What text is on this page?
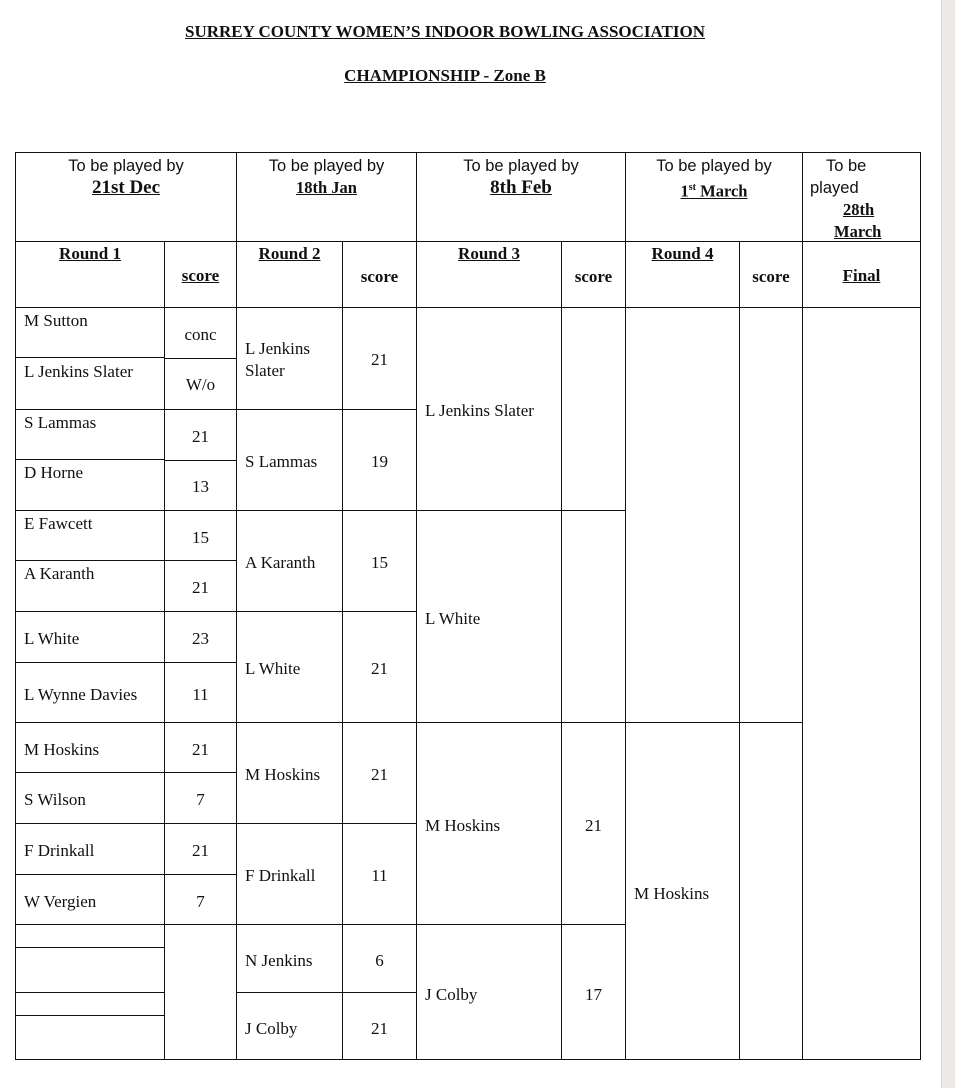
SURREY COUNTY WOMEN’S INDOOR BOWLING ASSOCIATION
CHAMPIONSHIP - Zone B
To be played by
21st Dec
To be played by
18th Jan
To be played by
8th Feb
To be played by
1st March
To be
played
28th
March
Round 1
score
Round 2
score
Round 3
score
Round 4
score	Final
M Sutton
L Jenkins Slater
S Lammas
D Horne
E Fawcett
A Karanth
L White
L Wynne Davies
M Hoskins
S Wilson
F Drinkall
W Vergien
conc
W/o
21
13
15
21
23
11
21
7
21
7
L Jenkins
Slater
S Lammas
A Karanth
L White
M Hoskins
F Drinkall
N Jenkins
J Colby
21
19
15
21
21
11
6
21
L Jenkins Slater
L White
M Hoskins
J Colby
21
17
M Hoskins
